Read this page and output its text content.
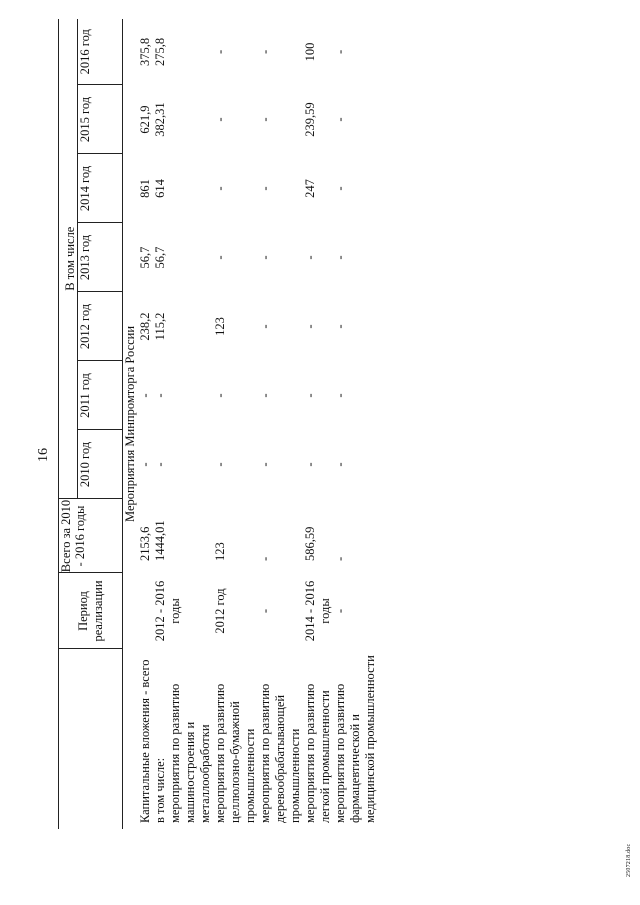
16
	Период реализации	Всего за 2010 - 2016 годы	В том числе						
			2010 год	2011 год	2012 год	2013 год	2014 год	2015 год	2016 год

Мероприятия Минпромторга России									
Капитальные вложения - всего		2153,6	-	-	238,2	56,7	861	621,9	375,8
в том числе:
мероприятия по развитию машиностроения и металлообработки	2012 - 2016 годы	1444,01	-	-	115,2	56,7	614	382,31	275,8
мероприятия по развитию целлюлозно-бумажной промышленности	2012 год	123	-	-	123	-	-	-	-
мероприятия по развитию деревообрабатывающей промышленности	-	-	-	-	-	-	-	-	-
мероприятия по развитию легкой промышленности	2014 - 2016 годы	586,59	-	-	-	-	247	239,59	100
мероприятия по развитию фармацевтической и медицинской промышленности	-	-	-	-	-	-	-	-	-
2507218.doc
